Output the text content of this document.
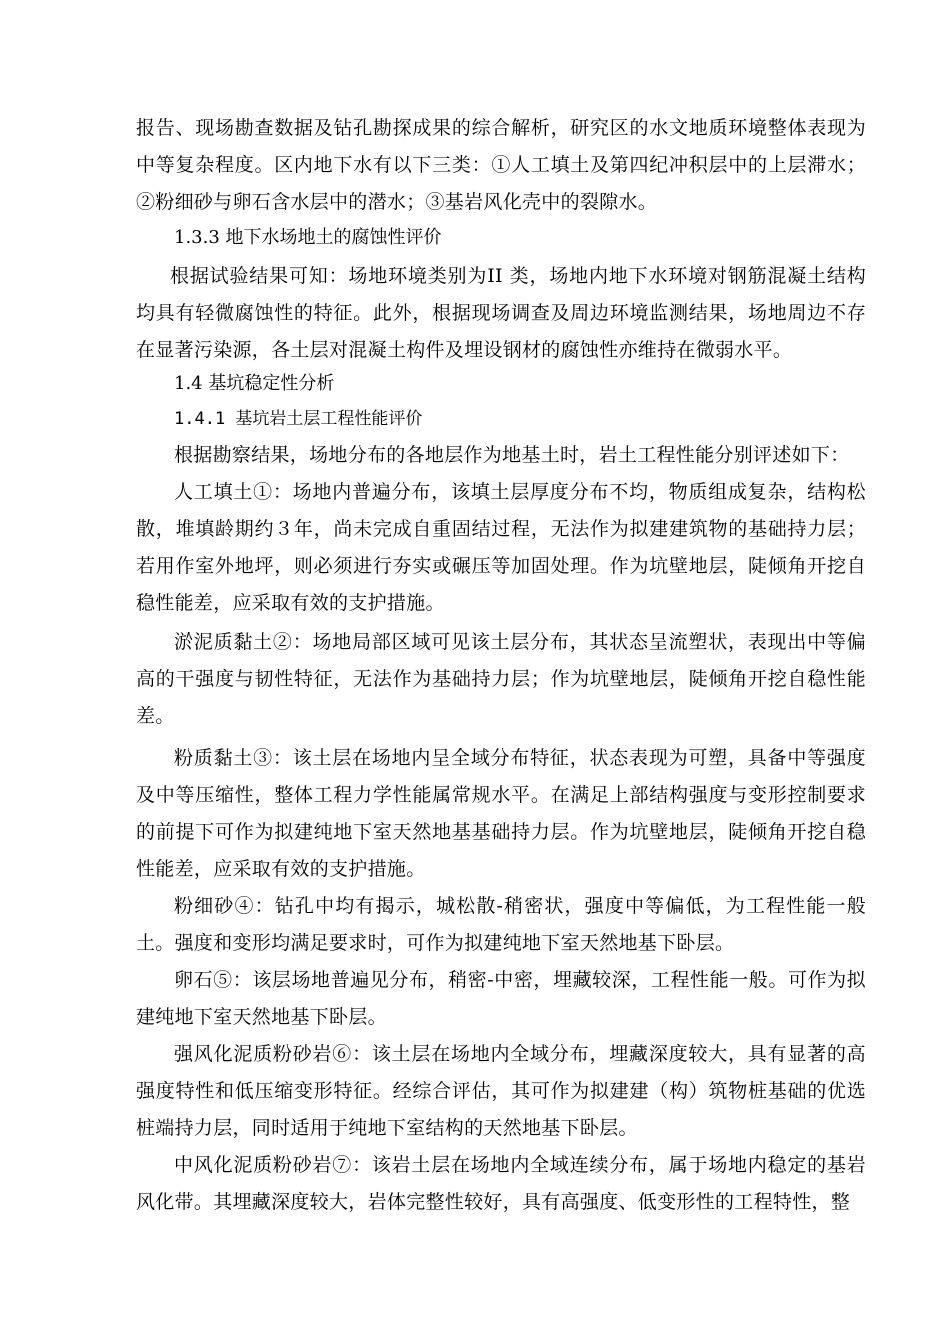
报告、现场勘查数据及钻孔勘探成果的综合解析，研究区的水文地质环境整体表现为中等复杂程度。区内地下水有以下三类：①人工填土及第四纪冲积层中的上层滞水；②粉细砂与卵石含水层中的潜水；③基岩风化壳中的裂隙水。

1.3.3 地下水场地土的腐蚀性评价

根据试验结果可知：场地环境类别为II 类，场地内地下水环境对钢筋混凝土结构均具有轻微腐蚀性的特征。此外，根据现场调查及周边环境监测结果，场地周边不存在显著污染源，各土层对混凝土构件及埋设钢材的腐蚀性亦维持在微弱水平。

1.4 基坑稳定性分析

1.4.1 基坑岩土层工程性能评价

根据勘察结果，场地分布的各地层作为地基土时，岩土工程性能分别评述如下：

人工填土①：场地内普遍分布，该填土层厚度分布不均，物质组成复杂，结构松散，堆填龄期约３年，尚未完成自重固结过程，无法作为拟建建筑物的基础持力层；若用作室外地坪，则必须进行夯实或碾压等加固处理。作为坑壁地层，陡倾角开挖自稳性能差，应采取有效的支护措施。

淤泥质黏土②：场地局部区域可见该土层分布，其状态呈流塑状，表现出中等偏高的干强度与韧性特征，无法作为基础持力层；作为坑壁地层，陡倾角开挖自稳性能差。

粉质黏土③：该土层在场地内呈全域分布特征，状态表现为可塑，具备中等强度及中等压缩性，整体工程力学性能属常规水平。在满足上部结构强度与变形控制要求的前提下可作为拟建纯地下室天然地基基础持力层。作为坑壁地层，陡倾角开挖自稳性能差，应采取有效的支护措施。

粉细砂④：钻孔中均有揭示，城松散-稍密状，强度中等偏低，为工程性能一般土。强度和变形均满足要求时，可作为拟建纯地下室天然地基下卧层。

卵石⑤：该层场地普遍见分布，稍密-中密，埋藏较深，工程性能一般。可作为拟建纯地下室天然地基下卧层。

强风化泥质粉砂岩⑥：该土层在场地内全域分布，埋藏深度较大，具有显著的高强度特性和低压缩变形特征。经综合评估，其可作为拟建建（构）筑物桩基础的优选桩端持力层，同时适用于纯地下室结构的天然地基下卧层。

中风化泥质粉砂岩⑦：该岩土层在场地内全域连续分布，属于场地内稳定的基岩风化带。其埋藏深度较大，岩体完整性较好，具有高强度、低变形性的工程特性，整
